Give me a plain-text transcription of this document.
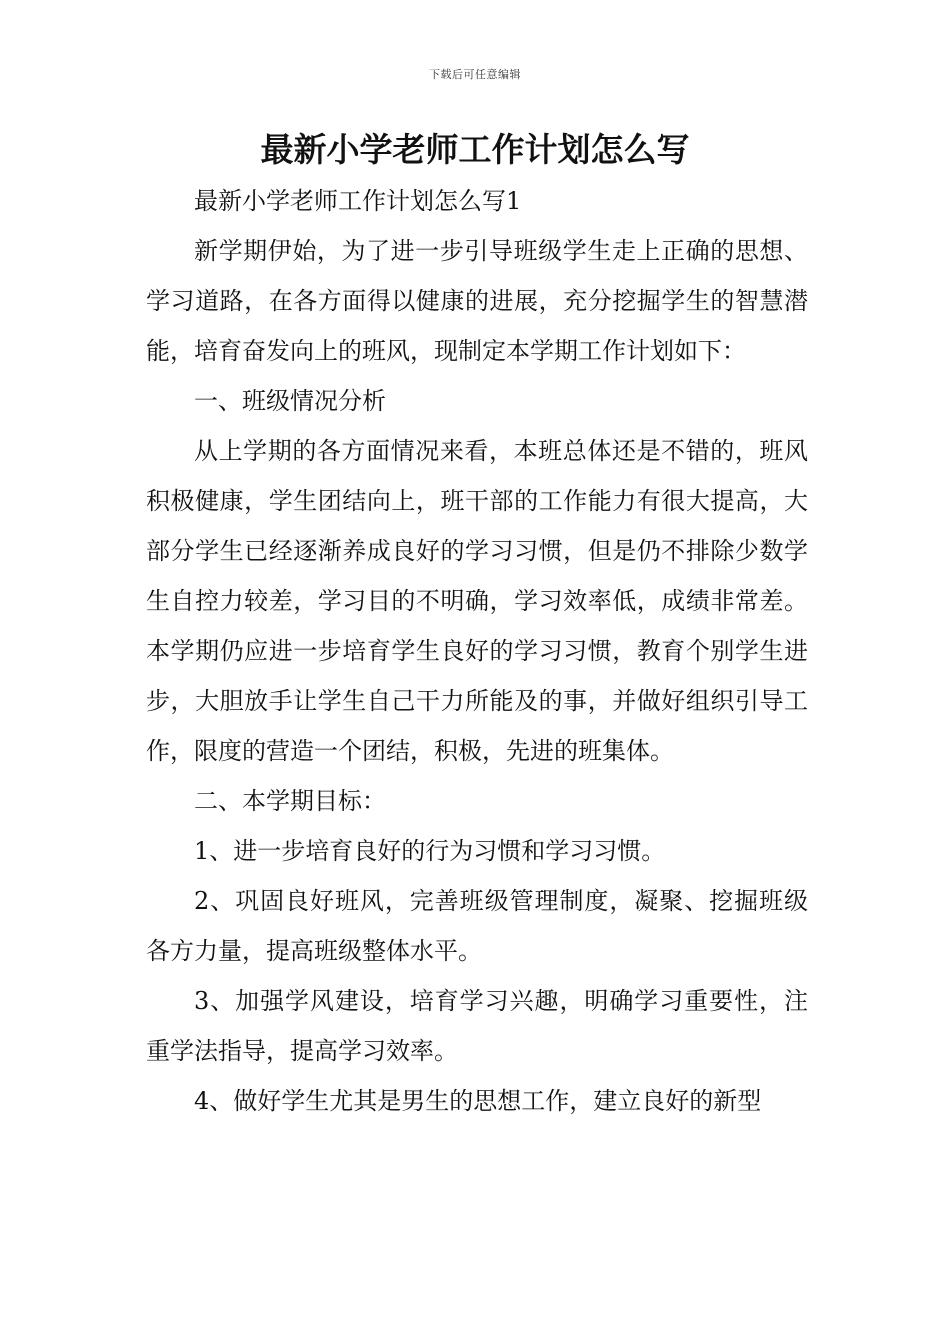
下载后可任意编辑
最新小学老师工作计划怎么写

最新小学老师工作计划怎么写1

新学期伊始，为了进一步引导班级学生走上正确的思想、学习道路，在各方面得以健康的进展，充分挖掘学生的智慧潜能，培育奋发向上的班风，现制定本学期工作计划如下：

一、班级情况分析

从上学期的各方面情况来看，本班总体还是不错的，班风积极健康，学生团结向上，班干部的工作能力有很大提高，大部分学生已经逐渐养成良好的学习习惯，但是仍不排除少数学生自控力较差，学习目的不明确，学习效率低，成绩非常差。本学期仍应进一步培育学生良好的学习习惯，教育个别学生进步，大胆放手让学生自己干力所能及的事，并做好组织引导工作，限度的营造一个团结，积极，先进的班集体。

二、本学期目标：

1、进一步培育良好的行为习惯和学习习惯。

2、巩固良好班风，完善班级管理制度，凝聚、挖掘班级各方力量，提高班级整体水平。

3、加强学风建设，培育学习兴趣，明确学习重要性，注重学法指导，提高学习效率。

4、做好学生尤其是男生的思想工作，建立良好的新型
